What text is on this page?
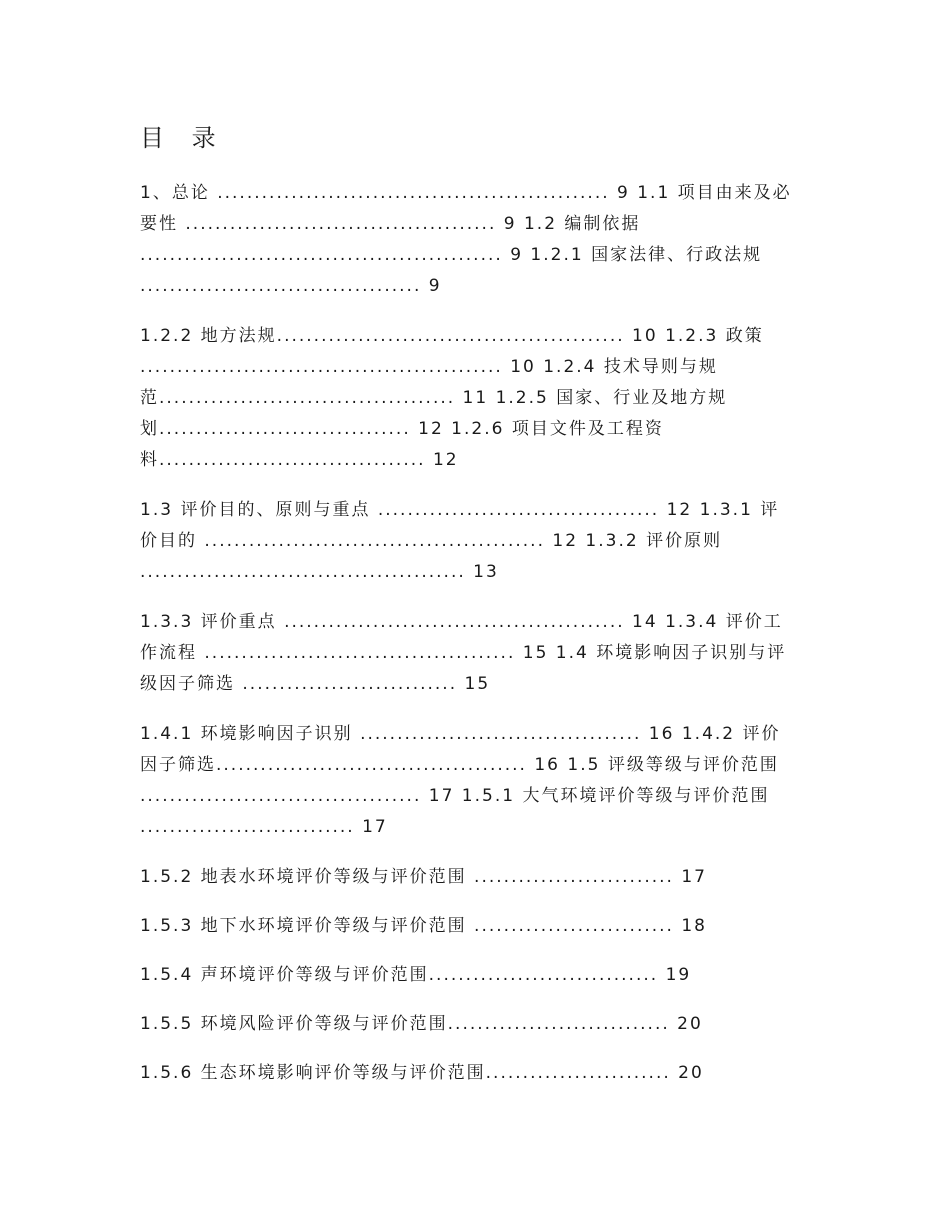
目 录
1、总论 ..................................................... 9 1.1 项目由来及必
要性 .......................................... 9 1.2 编制依据
................................................. 9 1.2.1 国家法律、行政法规
...................................... 9
1.2.2 地方法规............................................... 10 1.2.3 政策
................................................. 10 1.2.4 技术导则与规
范........................................ 11 1.2.5 国家、行业及地方规
划.................................. 12 1.2.6 项目文件及工程资
料.................................... 12
1.3 评价目的、原则与重点 ...................................... 12 1.3.1 评
价目的 .............................................. 12 1.3.2 评价原则
............................................ 13
1.3.3 评价重点 .............................................. 14 1.3.4 评价工
作流程 .......................................... 15 1.4 环境影响因子识别与评
级因子筛选 ............................. 15
1.4.1 环境影响因子识别 ...................................... 16 1.4.2 评价
因子筛选.......................................... 16 1.5 评级等级与评价范围
...................................... 17 1.5.1 大气环境评价等级与评价范围
............................. 17
1.5.2 地表水环境评价等级与评价范围 ........................... 17
1.5.3 地下水环境评价等级与评价范围 ........................... 18
1.5.4 声环境评价等级与评价范围............................... 19
1.5.5 环境风险评价等级与评价范围.............................. 20
1.5.6 生态环境影响评价等级与评价范围......................... 20
